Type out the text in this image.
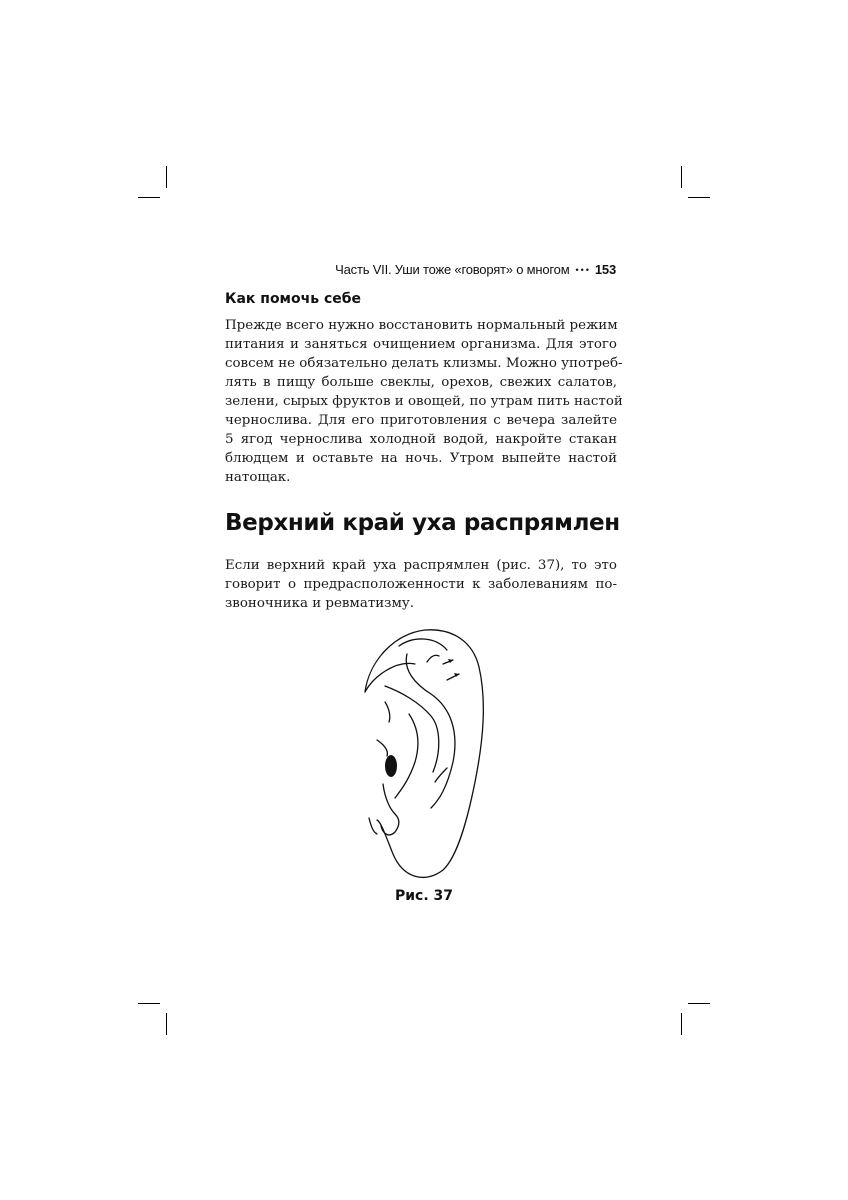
Часть VII. Уши тоже «говорят» о многом ••• 153
Как помочь себе
Прежде всего нужно восстановить нормальный режим
питания и заняться очищением организма. Для этого
совсем не обязательно делать клизмы. Можно употреб-
лять в пищу больше свеклы, орехов, свежих салатов,
зелени, сырых фруктов и овощей, по утрам пить настой
чернослива. Для его приготовления с вечера залейте
5 ягод чернослива холодной водой, накройте стакан
блюдцем и оставьте на ночь. Утром выпейте настой
натощак.
Верхний край уха распрямлен
Если верхний край уха распрямлен (рис. 37), то это
говорит о предрасположенности к заболеваниям по-
звоночника и ревматизму.
Рис. 37
